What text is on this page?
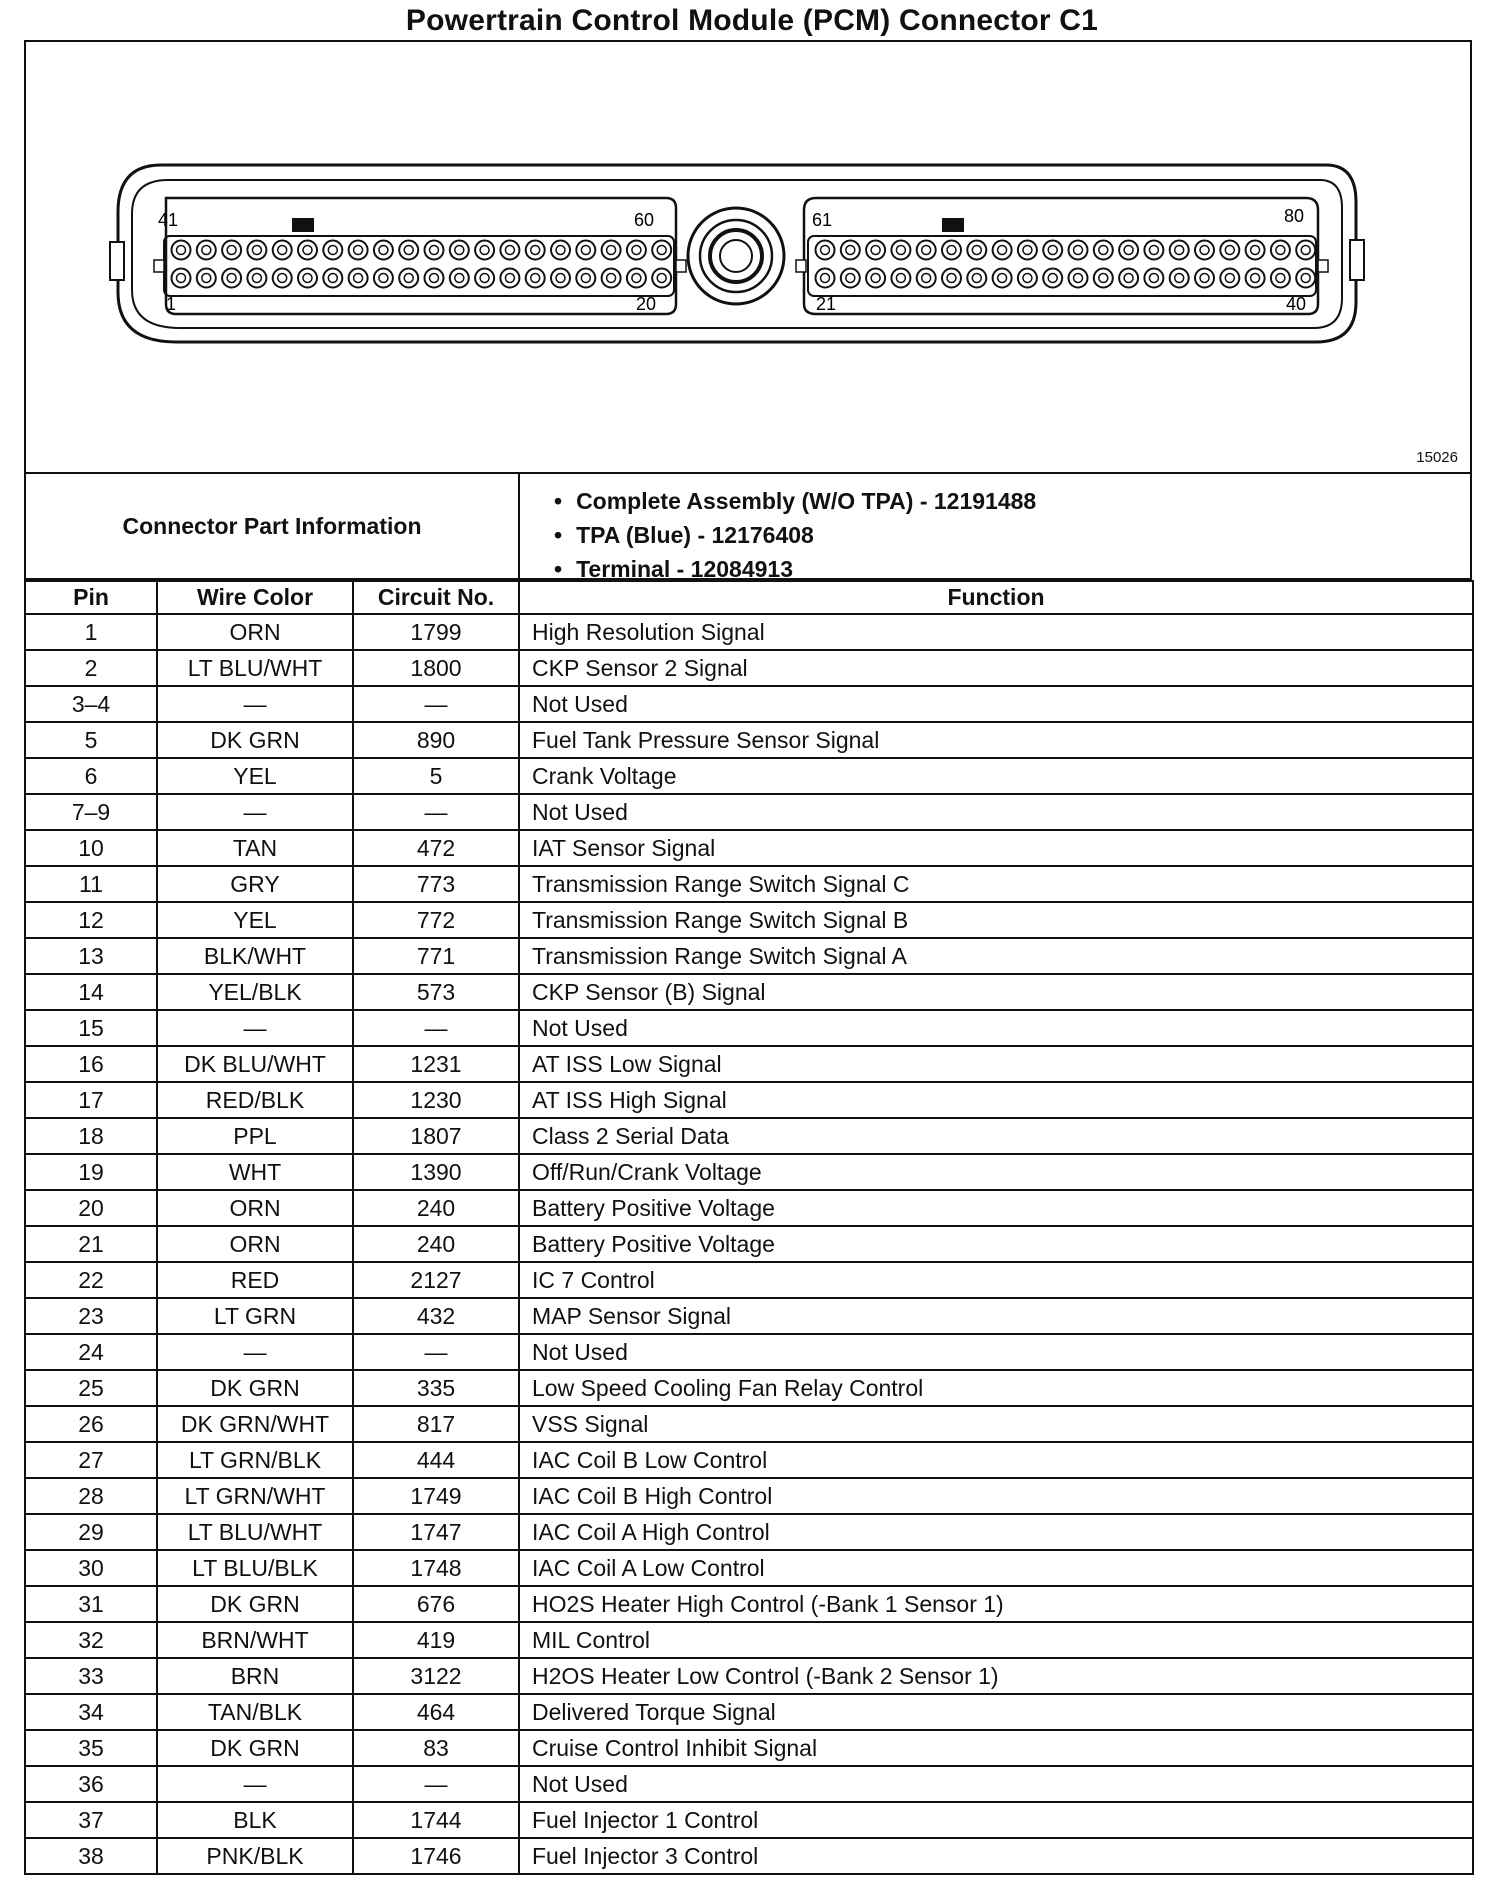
Powertrain Control Module (PCM) Connector C1
41	60
1	20
61	80
21	40
15026
Connector Part Information
• Complete Assembly (W/O TPA) - 12191488
• TPA (Blue) - 12176408
• Terminal - 12084913
Pin	Wire Color	Circuit No.	Function
1	ORN	1799	High Resolution Signal
2	LT BLU/WHT	1800	CKP Sensor 2 Signal
3–4	—	—	Not Used
5	DK GRN	890	Fuel Tank Pressure Sensor Signal
6	YEL	5	Crank Voltage
7–9	—	—	Not Used
10	TAN	472	IAT Sensor Signal
11	GRY	773	Transmission Range Switch Signal C
12	YEL	772	Transmission Range Switch Signal B
13	BLK/WHT	771	Transmission Range Switch Signal A
14	YEL/BLK	573	CKP Sensor (B) Signal
15	—	—	Not Used
16	DK BLU/WHT	1231	AT ISS Low Signal
17	RED/BLK	1230	AT ISS High Signal
18	PPL	1807	Class 2 Serial Data
19	WHT	1390	Off/Run/Crank Voltage
20	ORN	240	Battery Positive Voltage
21	ORN	240	Battery Positive Voltage
22	RED	2127	IC 7 Control
23	LT GRN	432	MAP Sensor Signal
24	—	—	Not Used
25	DK GRN	335	Low Speed Cooling Fan Relay Control
26	DK GRN/WHT	817	VSS Signal
27	LT GRN/BLK	444	IAC Coil B Low Control
28	LT GRN/WHT	1749	IAC Coil B High Control
29	LT BLU/WHT	1747	IAC Coil A High Control
30	LT BLU/BLK	1748	IAC Coil A Low Control
31	DK GRN	676	HO2S Heater High Control (-Bank 1 Sensor 1)
32	BRN/WHT	419	MIL Control
33	BRN	3122	H2OS Heater Low Control (-Bank 2 Sensor 1)
34	TAN/BLK	464	Delivered Torque Signal
35	DK GRN	83	Cruise Control Inhibit Signal
36	—	—	Not Used
37	BLK	1744	Fuel Injector 1 Control
38	PNK/BLK	1746	Fuel Injector 3 Control
